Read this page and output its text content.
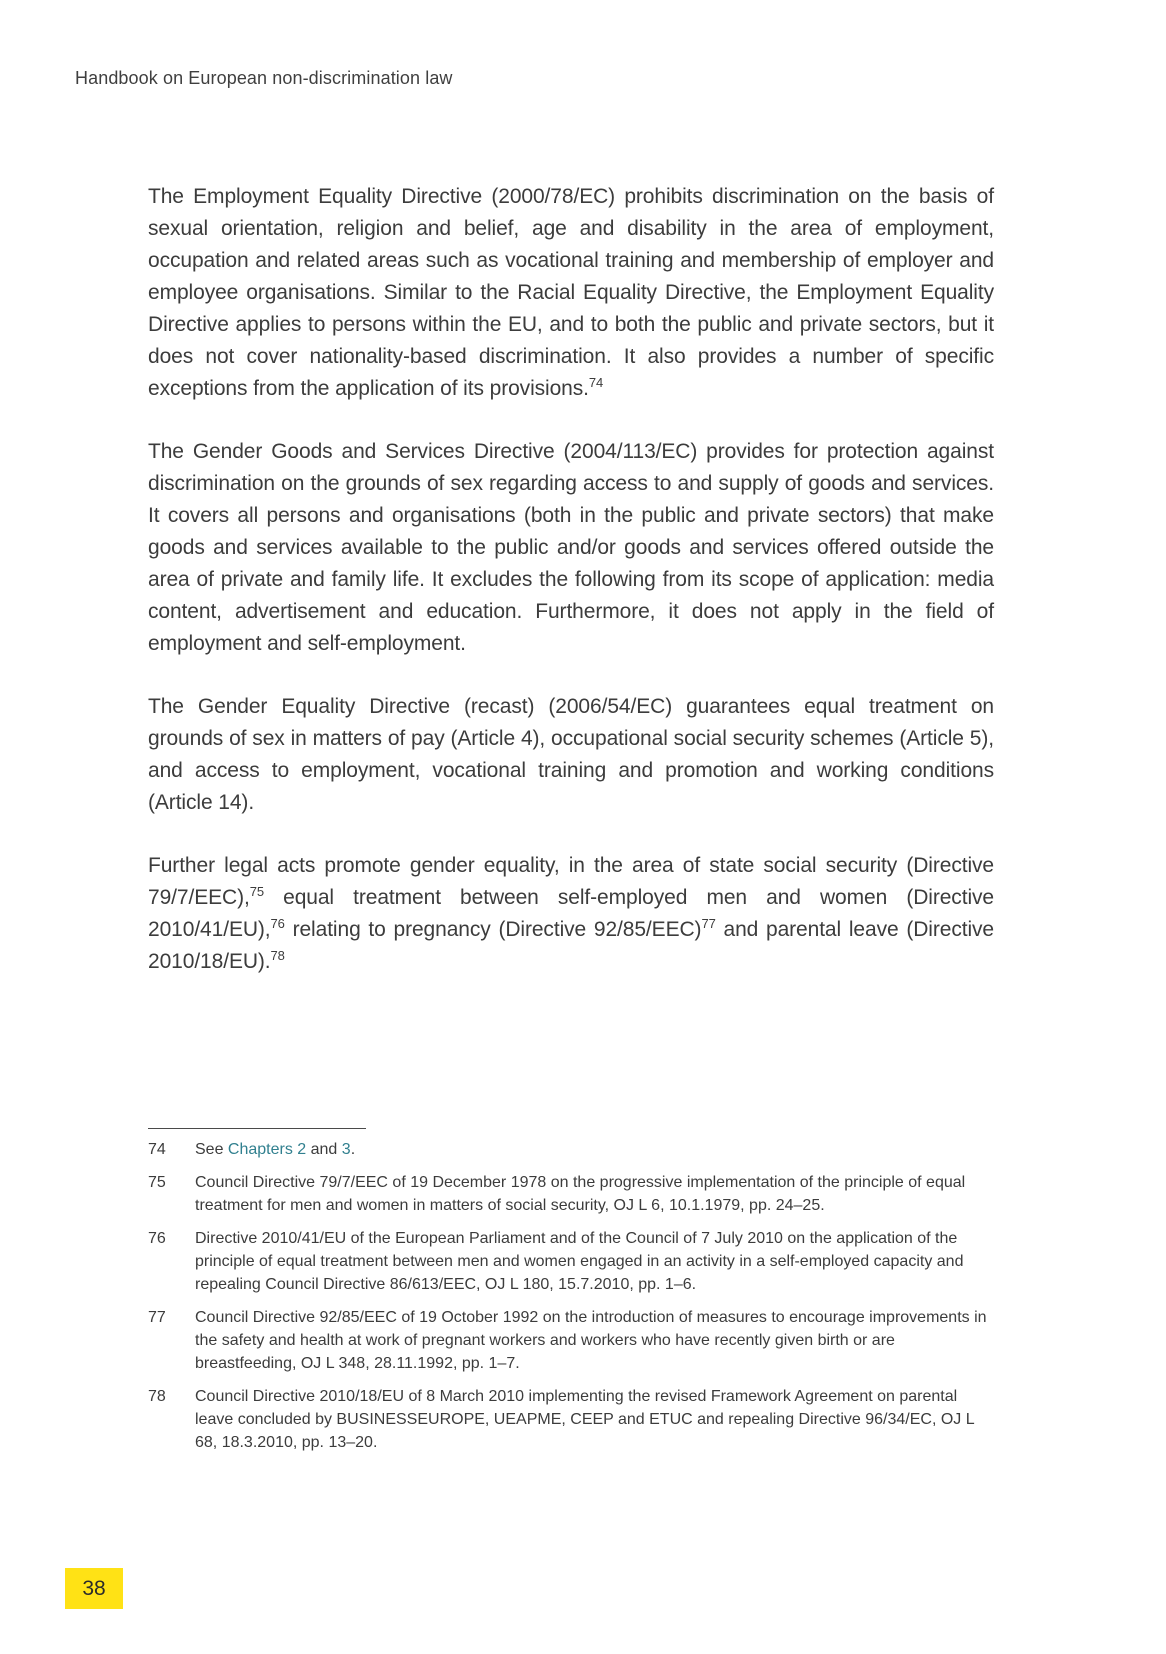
Handbook on European non-discrimination law

The Employment Equality Directive (2000/78/EC) prohibits discrimination on the basis of sexual orientation, religion and belief, age and disability in the area of employment, occupation and related areas such as vocational training and membership of employer and employee organisations. Similar to the Racial Equality Directive, the Employment Equality Directive applies to persons within the EU, and to both the public and private sectors, but it does not cover nationality-based discrimination. It also provides a number of specific exceptions from the application of its provisions.$^{74}$

The Gender Goods and Services Directive (2004/113/EC) provides for protection against discrimination on the grounds of sex regarding access to and supply of goods and services. It covers all persons and organisations (both in the public and private sectors) that make goods and services available to the public and/or goods and services offered outside the area of private and family life. It excludes the following from its scope of application: media content, advertisement and education. Furthermore, it does not apply in the field of employment and self-employment.

The Gender Equality Directive (recast) (2006/54/EC) guarantees equal treatment on grounds of sex in matters of pay (Article 4), occupational social security schemes (Article 5), and access to employment, vocational training and promotion and working conditions (Article 14).

Further legal acts promote gender equality, in the area of state social security (Directive 79/7/EEC),$^{75}$ equal treatment between self-employed men and women (Directive 2010/41/EU),$^{76}$ relating to pregnancy (Directive 92/85/EEC)$^{77}$ and parental leave (Directive 2010/18/EU).$^{78}$

74	See Chapters 2 and 3.
75	Council Directive 79/7/EEC of 19 December 1978 on the progressive implementation of the principle of equal treatment for men and women in matters of social security, OJ L 6, 10.1.1979, pp. 24–25.
76	Directive 2010/41/EU of the European Parliament and of the Council of 7 July 2010 on the application of the principle of equal treatment between men and women engaged in an activity in a self-employed capacity and repealing Council Directive 86/613/EEC, OJ L 180, 15.7.2010, pp. 1–6.
77	Council Directive 92/85/EEC of 19 October 1992 on the introduction of measures to encourage improvements in the safety and health at work of pregnant workers and workers who have recently given birth or are breastfeeding, OJ L 348, 28.11.1992, pp. 1–7.
78	Council Directive 2010/18/EU of 8 March 2010 implementing the revised Framework Agreement on parental leave concluded by BUSINESSEUROPE, UEAPME, CEEP and ETUC and repealing Directive 96/34/EC, OJ L 68, 18.3.2010, pp. 13–20.
38
